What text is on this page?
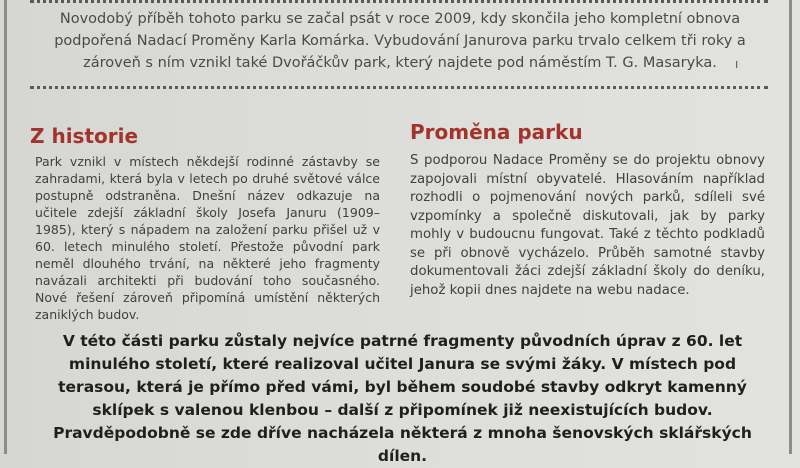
Novodobý příběh tohoto parku se začal psát v roce 2009, kdy skončila jeho kompletní obnova podpořená Nadací Proměny Karla Komárka. Vybudování Janurova parku trvalo celkem tři roky a zároveň s ním vznikl také Dvořáčkův park, který najdete pod náměstím T. G. Masaryka.	ı
Z historie
Park vznikl v místech někdejší rodinné zástavby se zahradami, která byla v letech po druhé světové válce postupně odstraněna. Dnešní název odkazuje na učitele zdejší základní školy Josefa Januru (1909–1985), který s nápadem na založení parku přišel už v 60. letech minulého století. Přestože původní park neměl dlouhého trvání, na některé jeho fragmenty navázali architekti při budování toho současného. Nové řešení zároveň připomíná umístění některých zaniklých budov.
Proměna parku
S podporou Nadace Proměny se do projektu obnovy zapojovali místní obyvatelé. Hlasováním například rozhodli o pojmenování nových parků, sdíleli své vzpomínky a společně diskutovali, jak by parky mohly v budoucnu fungovat. Také z těchto podkladů se při obnově vycházelo. Průběh samotné stavby dokumentovali žáci zdejší základní školy do deníku, jehož kopii dnes najdete na webu nadace.
V této části parku zůstaly nejvíce patrné fragmenty původních úprav z 60. let minulého století, které realizoval učitel Janura se svými žáky. V místech pod terasou, která je přímo před vámi, byl během soudobé stavby odkryt kamenný sklípek s valenou klenbou – další z připomínek již neexistujících budov. Pravděpodobně se zde dříve nacházela některá z mnoha šenovských sklářských dílen.
